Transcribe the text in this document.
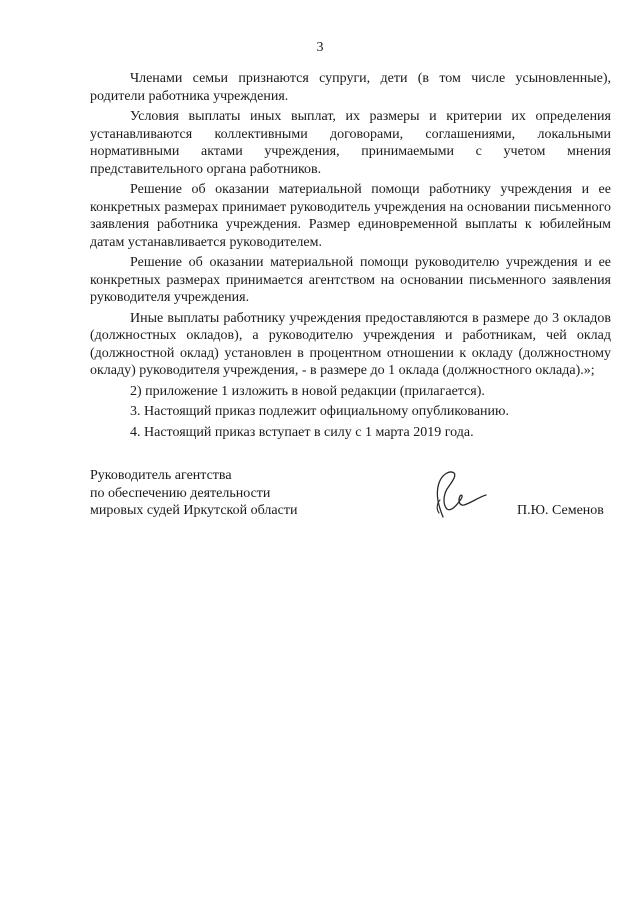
3

Членами семьи признаются супруги, дети (в том числе усыновленные), родители работника учреждения.

Условия выплаты иных выплат, их размеры и критерии их определения устанавливаются коллективными договорами, соглашениями, локальными нормативными актами учреждения, принимаемыми с учетом мнения представительного органа работников.

Решение об оказании материальной помощи работнику учреждения и ее конкретных размерах принимает руководитель учреждения на основании письменного заявления работника учреждения. Размер единовременной выплаты к юбилейным датам устанавливается руководителем.

Решение об оказании материальной помощи руководителю учреждения и ее конкретных размерах принимается агентством на основании письменного заявления руководителя учреждения.

Иные выплаты работнику учреждения предоставляются в размере до 3 окладов (должностных окладов), а руководителю учреждения и работникам, чей оклад (должностной оклад) установлен в процентном отношении к окладу (должностному окладу) руководителя учреждения, - в размере до 1 оклада (должностного оклада).»;

2) приложение 1 изложить в новой редакции (прилагается).

3. Настоящий приказ подлежит официальному опубликованию.

4. Настоящий приказ вступает в силу с 1 марта 2019 года.

Руководитель агентства
по обеспечению деятельности
мировых судей Иркутской области	П.Ю. Семенов
